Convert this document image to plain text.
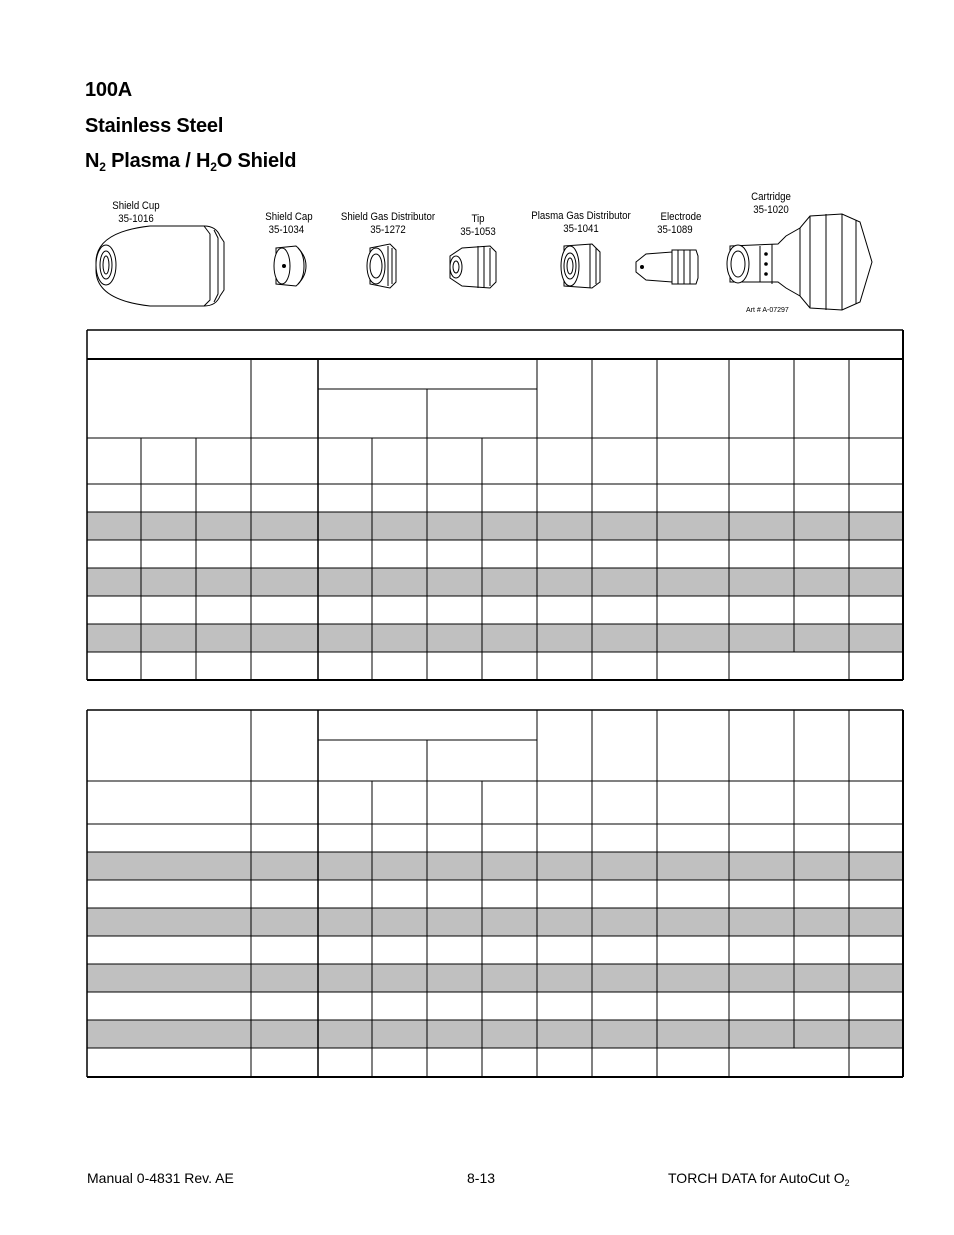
100A
Stainless Steel
$N_2$ Plasma / $H_2O$ Shield
Shield Cup
35-1016	Shield Cap
35-1034
Shield Gas Distributor
35-1272
Tip
35-1053
Plasma Gas Distributor
35-1041
Electrode
35-1089
Cartridge
35-1020
Art # A-07297
Manual 0-4831 Rev. AE	8-13	TORCH DATA for AutoCut $O_2$
